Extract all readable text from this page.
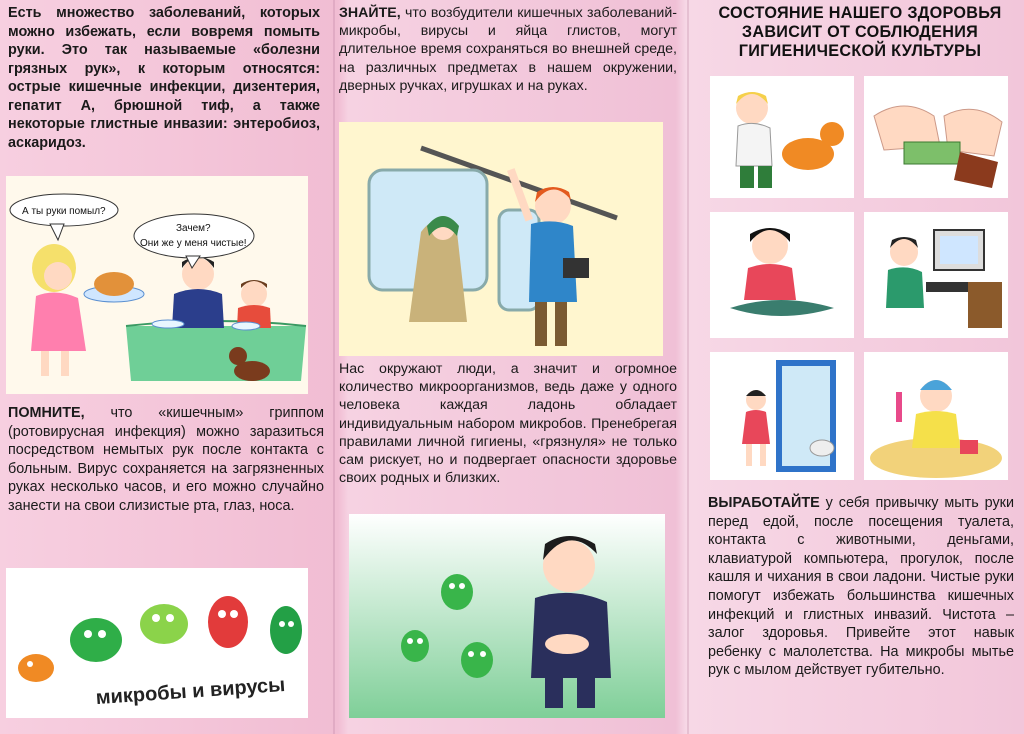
Есть множество заболеваний, которых можно избежать, если вовремя помыть руки. Это так называемые «болезни грязных рук», к которым относятся: острые кишечные инфекции, дизентерия, гепатит А, брюшной тиф, а также некоторые глистные инвазии: энтеробиоз, аскаридоз.
А ты руки помыл?
Зачем?
Они же у меня чистые!
ПОМНИТЕ, что «кишечным» гриппом (ротовирусная инфекция) можно заразиться посредством немытых рук после контакта с больным. Вирус сохраняется на загрязненных руках несколько часов, и его можно случайно занести на свои слизистые рта, глаз, носа.
микробы и вирусы
ЗНАЙТЕ, что возбудители кишечных заболеваний-микробы, вирусы и яйца глистов, могут длительное время сохраняться во внешней среде, на различных предметах в нашем окружении, дверных ручках, игрушках и на руках.
Нас окружают люди, а значит и огромное количество микроорганизмов, ведь даже у одного человека каждая ладонь обладает индивидуальным набором микробов. Пренебрегая правилами личной гигиены, «грязнуля» не только сам рискует, но и подвергает опасности здоровье своих родных и близких.
СОСТОЯНИЕ НАШЕГО ЗДОРОВЬЯ ЗАВИСИТ ОТ СОБЛЮДЕНИЯ ГИГИЕНИЧЕСКОЙ КУЛЬТУРЫ
ВЫРАБОТАЙТЕ у себя привычку мыть руки перед едой, после посещения туалета, контакта с животными, деньгами, клавиатурой компьютера, прогулок, после кашля и чихания в свои ладони. Чистые руки помогут избежать большинства кишечных инфекций и глистных инвазий. Чистота – залог здоровья. Привейте этот навык ребенку с малолетства. На микробы мытье рук с мылом действует губительно.
